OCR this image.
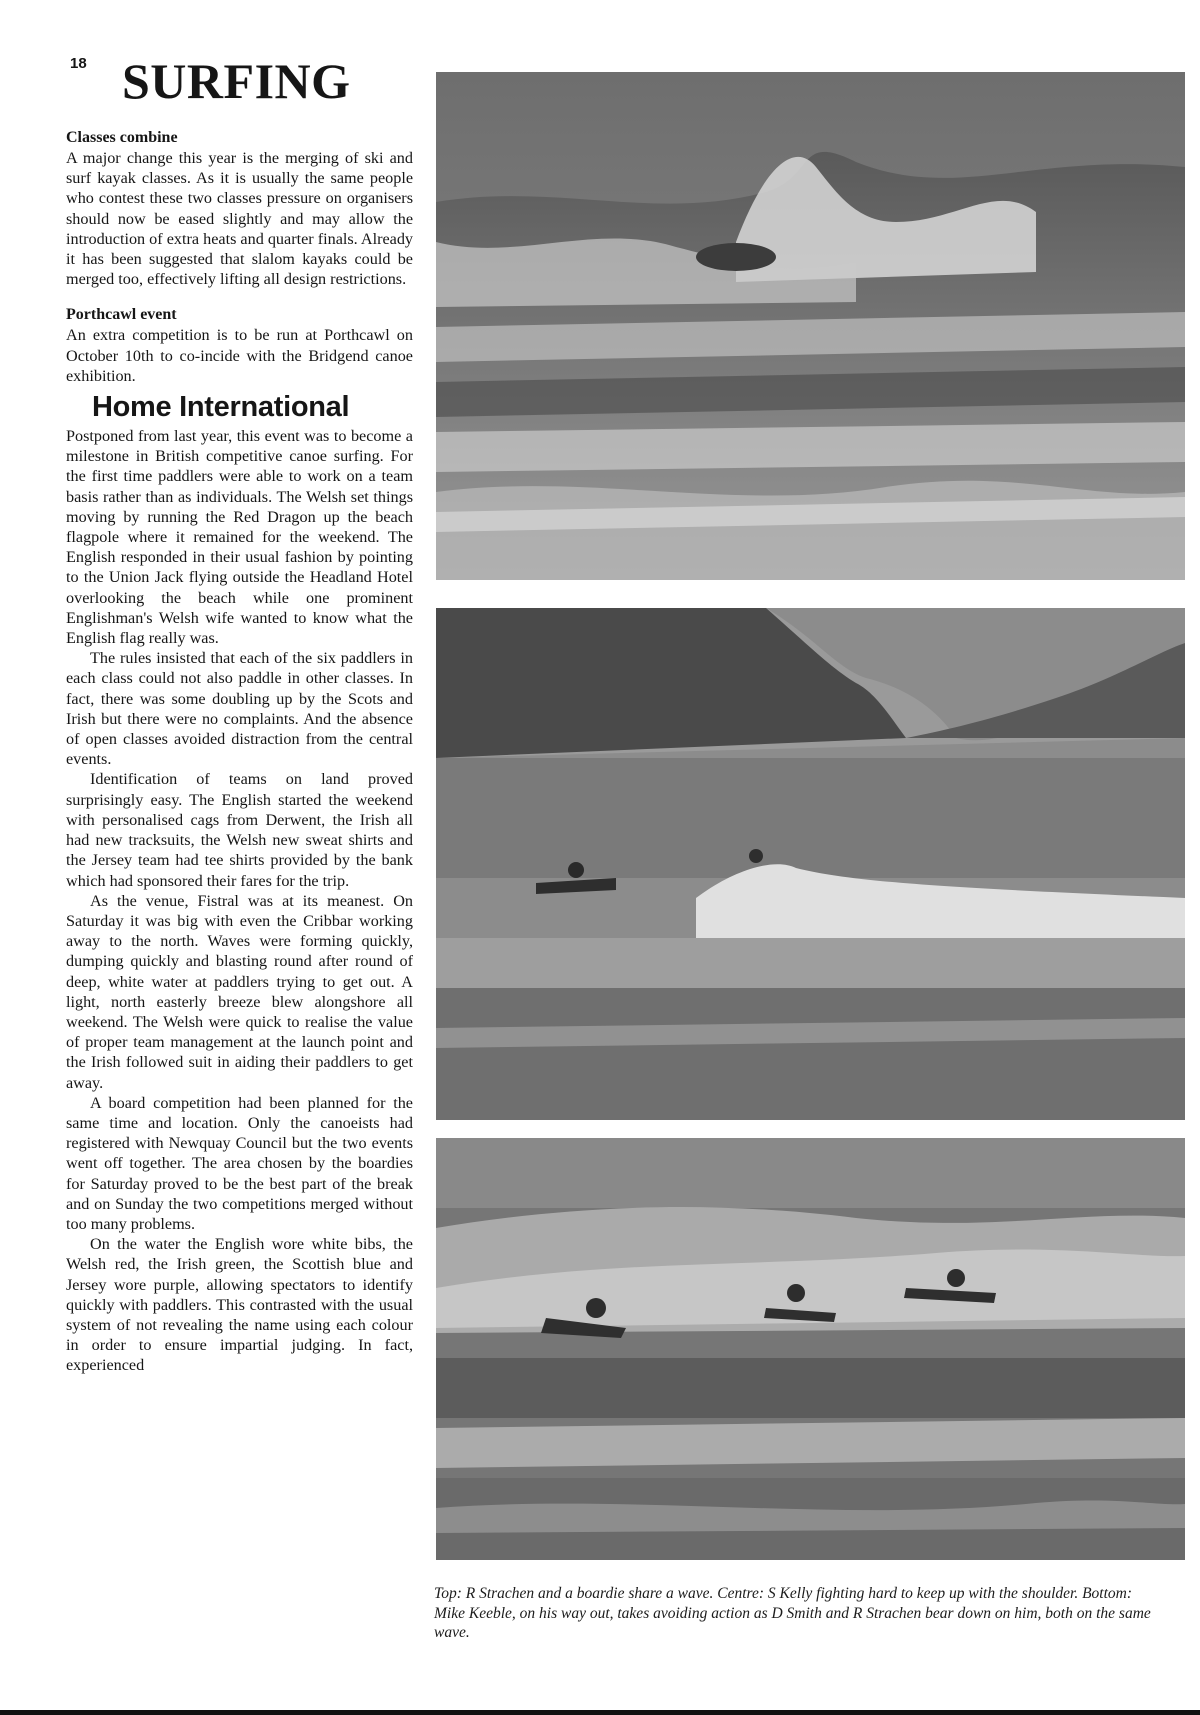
18 SURFING
Classes combine

A major change this year is the merging of ski and surf kayak classes. As it is usually the same people who contest these two classes pressure on organisers should now be eased slightly and may allow the introduction of extra heats and quarter finals. Already it has been suggested that slalom kayaks could be merged too, effectively lifting all design restrictions.

Porthcawl event

An extra competition is to be run at Porthcawl on October 10th to co-incide with the Bridgend canoe exhibition.

Home International

Postponed from last year, this event was to become a milestone in British competitive canoe surfing. For the first time paddlers were able to work on a team basis rather than as individuals. The Welsh set things moving by running the Red Dragon up the beach flagpole where it remained for the weekend. The English responded in their usual fashion by pointing to the Union Jack flying outside the Headland Hotel overlooking the beach while one prominent Englishman's Welsh wife wanted to know what the English flag really was.

The rules insisted that each of the six paddlers in each class could not also paddle in other classes. In fact, there was some doubling up by the Scots and Irish but there were no complaints. And the absence of open classes avoided distraction from the central events.

Identification of teams on land proved surprisingly easy. The English started the weekend with personalised cags from Derwent, the Irish all had new tracksuits, the Welsh new sweat shirts and the Jersey team had tee shirts provided by the bank which had sponsored their fares for the trip.

As the venue, Fistral was at its meanest. On Saturday it was big with even the Cribbar working away to the north. Waves were forming quickly, dumping quickly and blasting round after round of deep, white water at paddlers trying to get out. A light, north easterly breeze blew alongshore all weekend. The Welsh were quick to realise the value of proper team management at the launch point and the Irish followed suit in aiding their paddlers to get away.

A board competition had been planned for the same time and location. Only the canoeists had registered with Newquay Council but the two events went off together. The area chosen by the boardies for Saturday proved to be the best part of the break and on Sunday the two competitions merged without too many problems.

On the water the English wore white bibs, the Welsh red, the Irish green, the Scottish blue and Jersey wore purple, allowing spectators to identify quickly with paddlers. This contrasted with the usual system of not revealing the name using each colour in order to ensure impartial judging. In fact, experienced

Top: R Strachen and a boardie share a wave. Centre: S Kelly fighting hard to keep up with the shoulder. Bottom: Mike Keeble, on his way out, takes avoiding action as D Smith and R Strachen bear down on him, both on the same wave.
